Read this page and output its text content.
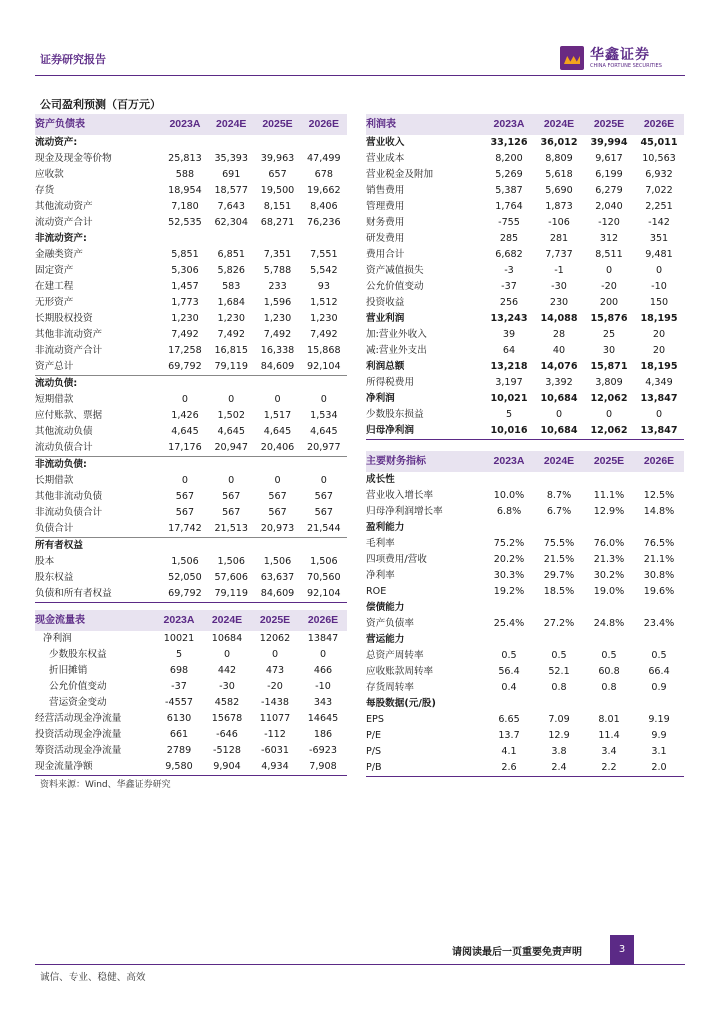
证券研究报告	华鑫证券
CHINA FORTUNE SECURITIES
公司盈利预测（百万元）
资产负债表	2023A	2024E	2025E	2026E
流动资产:				
现金及现金等价物	25,813	35,393	39,963	47,499
应收款	588	691	657	678
存货	18,954	18,577	19,500	19,662
其他流动资产	7,180	7,643	8,151	8,406
流动资产合计	52,535	62,304	68,271	76,236
非流动资产:				
金融类资产	5,851	6,851	7,351	7,551
固定资产	5,306	5,826	5,788	5,542
在建工程	1,457	583	233	93
无形资产	1,773	1,684	1,596	1,512
长期股权投资	1,230	1,230	1,230	1,230
其他非流动资产	7,492	7,492	7,492	7,492
非流动资产合计	17,258	16,815	16,338	15,868
资产总计	69,792	79,119	84,609	92,104
流动负债:				
短期借款	0	0	0	0
应付账款、票据	1,426	1,502	1,517	1,534
其他流动负债	4,645	4,645	4,645	4,645
流动负债合计	17,176	20,947	20,406	20,977
非流动负债:				
长期借款	0	0	0	0
其他非流动负债	567	567	567	567
非流动负债合计	567	567	567	567
负债合计	17,742	21,513	20,973	21,544
所有者权益				
股本	1,506	1,506	1,506	1,506
股东权益	52,050	57,606	63,637	70,560
负债和所有者权益	69,792	79,119	84,609	92,104
利润表	2023A	2024E	2025E	2026E
营业收入	33,126	36,012	39,994	45,011
营业成本	8,200	8,809	9,617	10,563
营业税金及附加	5,269	5,618	6,199	6,932
销售费用	5,387	5,690	6,279	7,022
管理费用	1,764	1,873	2,040	2,251
财务费用	-755	-106	-120	-142
研发费用	285	281	312	351
费用合计	6,682	7,737	8,511	9,481
资产减值损失	-3	-1	0	0
公允价值变动	-37	-30	-20	-10
投资收益	256	230	200	150
营业利润	13,243	14,088	15,876	18,195
加:营业外收入	39	28	25	20
减:营业外支出	64	40	30	20
利润总额	13,218	14,076	15,871	18,195
所得税费用	3,197	3,392	3,809	4,349
净利润	10,021	10,684	12,062	13,847
少数股东损益	5	0	0	0
归母净利润	10,016	10,684	12,062	13,847
主要财务指标	2023A	2024E	2025E	2026E
成长性				
营业收入增长率	10.0%	8.7%	11.1%	12.5%
归母净利润增长率	6.8%	6.7%	12.9%	14.8%
盈利能力				
毛利率	75.2%	75.5%	76.0%	76.5%
四项费用/营收	20.2%	21.5%	21.3%	21.1%
净利率	30.3%	29.7%	30.2%	30.8%
ROE	19.2%	18.5%	19.0%	19.6%
偿债能力				
资产负债率	25.4%	27.2%	24.8%	23.4%
营运能力				
总资产周转率	0.5	0.5	0.5	0.5
应收账款周转率	56.4	52.1	60.8	66.4
存货周转率	0.4	0.8	0.8	0.9
每股数据(元/股)				
EPS	6.65	7.09	8.01	9.19
P/E	13.7	12.9	11.4	9.9
P/S	4.1	3.8	3.4	3.1
P/B	2.6	2.4	2.2	2.0
现金流量表	2023A	2024E	2025E	2026E
净利润	10021	10684	12062	13847
少数股东权益	5	0	0	0
折旧摊销	698	442	473	466
公允价值变动	-37	-30	-20	-10
营运资金变动	-4557	4582	-1438	343
经营活动现金净流量	6130	15678	11077	14645
投资活动现金净流量	661	-646	-112	186
筹资活动现金净流量	2789	-5128	-6031	-6923
现金流量净额	9,580	9,904	4,934	7,908
资料来源：Wind、华鑫证券研究
请阅读最后一页重要免责声明	3
诚信、专业、稳健、高效
